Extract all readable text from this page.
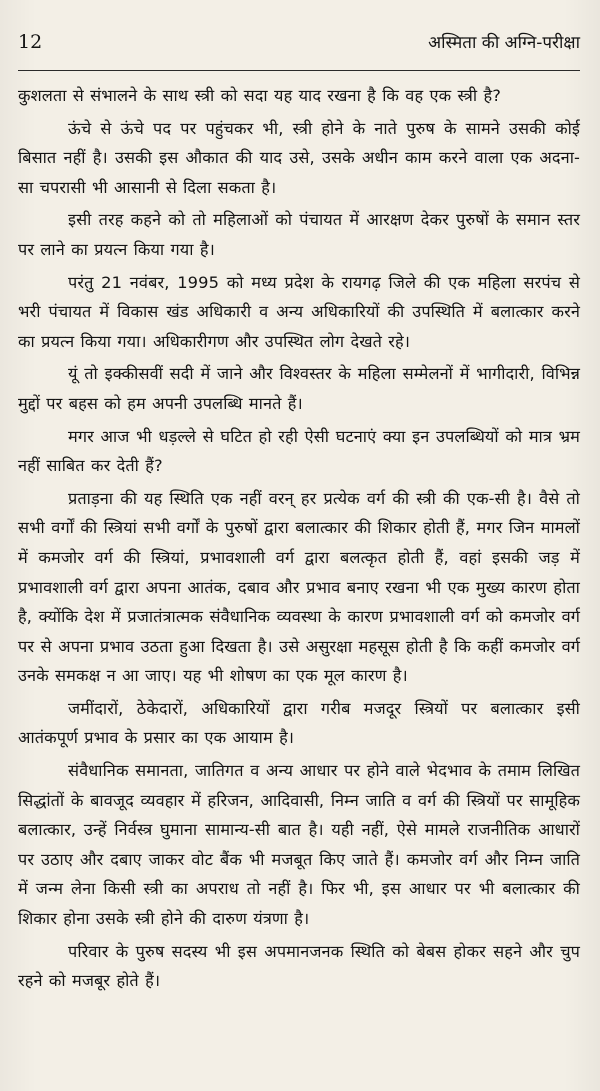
12	अस्मिता की अग्नि-परीक्षा

कुशलता से संभालने के साथ स्त्री को सदा यह याद रखना है कि वह एक स्त्री है?

ऊंचे से ऊंचे पद पर पहुंचकर भी, स्त्री होने के नाते पुरुष के सामने उसकी कोई बिसात नहीं है। उसकी इस औकात की याद उसे, उसके अधीन काम करने वाला एक अदना-सा चपरासी भी आसानी से दिला सकता है।

इसी तरह कहने को तो महिलाओं को पंचायत में आरक्षण देकर पुरुषों के समान स्तर पर लाने का प्रयत्न किया गया है।

परंतु 21 नवंबर, 1995 को मध्य प्रदेश के रायगढ़ जिले की एक महिला सरपंच से भरी पंचायत में विकास खंड अधिकारी व अन्य अधिकारियों की उपस्थिति में बलात्कार करने का प्रयत्न किया गया। अधिकारीगण और उपस्थित लोग देखते रहे।

यूं तो इक्कीसवीं सदी में जाने और विश्वस्तर के महिला सम्मेलनों में भागीदारी, विभिन्न मुद्दों पर बहस को हम अपनी उपलब्धि मानते हैं।

मगर आज भी धड़ल्ले से घटित हो रही ऐसी घटनाएं क्या इन उपलब्धियों को मात्र भ्रम नहीं साबित कर देती हैं?

प्रताड़ना की यह स्थिति एक नहीं वरन् हर प्रत्येक वर्ग की स्त्री की एक-सी है। वैसे तो सभी वर्गों की स्त्रियां सभी वर्गों के पुरुषों द्वारा बलात्कार की शिकार होती हैं, मगर जिन मामलों में कमजोर वर्ग की स्त्रियां, प्रभावशाली वर्ग द्वारा बलत्कृत होती हैं, वहां इसकी जड़ में प्रभावशाली वर्ग द्वारा अपना आतंक, दबाव और प्रभाव बनाए रखना भी एक मुख्य कारण होता है, क्योंकि देश में प्रजातंत्रात्मक संवैधानिक व्यवस्था के कारण प्रभावशाली वर्ग को कमजोर वर्ग पर से अपना प्रभाव उठता हुआ दिखता है। उसे असुरक्षा महसूस होती है कि कहीं कमजोर वर्ग उनके समकक्ष न आ जाए। यह भी शोषण का एक मूल कारण है।

जमींदारों, ठेकेदारों, अधिकारियों द्वारा गरीब मजदूर स्त्रियों पर बलात्कार इसी आतंकपूर्ण प्रभाव के प्रसार का एक आयाम है।

संवैधानिक समानता, जातिगत व अन्य आधार पर होने वाले भेदभाव के तमाम लिखित सिद्धांतों के बावजूद व्यवहार में हरिजन, आदिवासी, निम्न जाति व वर्ग की स्त्रियों पर सामूहिक बलात्कार, उन्हें निर्वस्त्र घुमाना सामान्य-सी बात है। यही नहीं, ऐसे मामले राजनीतिक आधारों पर उठाए और दबाए जाकर वोट बैंक भी मजबूत किए जाते हैं। कमजोर वर्ग और निम्न जाति में जन्म लेना किसी स्त्री का अपराध तो नहीं है। फिर भी, इस आधार पर भी बलात्कार की शिकार होना उसके स्त्री होने की दारुण यंत्रणा है।

परिवार के पुरुष सदस्य भी इस अपमानजनक स्थिति को बेबस होकर सहने और चुप रहने को मजबूर होते हैं।
